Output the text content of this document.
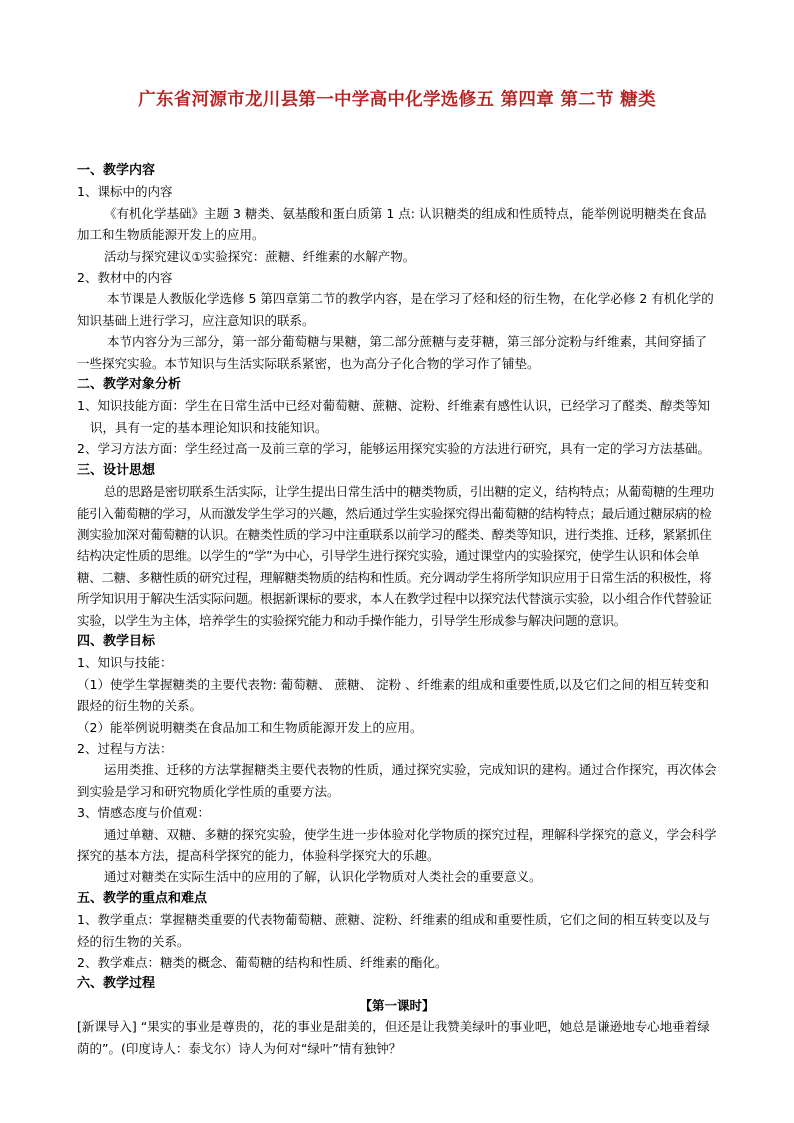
广东省河源市龙川县第一中学高中化学选修五 第四章 第二节 糖类

一、教学内容

1、课标中的内容

《有机化学基础》主题 3 糖类、氨基酸和蛋白质第 1 点: 认识糖类的组成和性质特点，能举例说明糖类在食品加工和生物质能源开发上的应用。

活动与探究建议①实验探究：蔗糖、纤维素的水解产物。

2、教材中的内容

本节课是人教版化学选修 5 第四章第二节的教学内容，是在学习了烃和烃的衍生物，在化学必修 2 有机化学的知识基础上进行学习，应注意知识的联系。

本节内容分为三部分，第一部分葡萄糖与果糖，第二部分蔗糖与麦芽糖，第三部分淀粉与纤维素，其间穿插了一些探究实验。本节知识与生活实际联系紧密，也为高分子化合物的学习作了铺垫。

二、教学对象分析

1、知识技能方面：学生在日常生活中已经对葡萄糖、蔗糖、淀粉、纤维素有感性认识，已经学习了醛类、醇类等知识，具有一定的基本理论知识和技能知识。

2、学习方法方面：学生经过高一及前三章的学习，能够运用探究实验的方法进行研究，具有一定的学习方法基础。

三、设计思想

总的思路是密切联系生活实际，让学生提出日常生活中的糖类物质，引出糖的定义，结构特点；从葡萄糖的生理功能引入葡萄糖的学习，从而激发学生学习的兴趣，然后通过学生实验探究得出葡萄糖的结构特点；最后通过糖尿病的检测实验加深对葡萄糖的认识。在糖类性质的学习中注重联系以前学习的醛类、醇类等知识，进行类推、迁移，紧紧抓住结构决定性质的思维。以学生的“学”为中心，引导学生进行探究实验，通过课堂内的实验探究，使学生认识和体会单糖、二糖、多糖性质的研究过程，理解糖类物质的结构和性质。充分调动学生将所学知识应用于日常生活的积极性，将所学知识用于解决生活实际问题。根据新课标的要求，本人在教学过程中以探究法代替演示实验，以小组合作代替验证实验，以学生为主体，培养学生的实验探究能力和动手操作能力，引导学生形成参与解决问题的意识。

四、教学目标

1、知识与技能：

（1）使学生掌握糖类的主要代表物: 葡萄糖、 蔗糖、 淀粉 、纤维素的组成和重要性质,以及它们之间的相互转变和跟烃的衍生物的关系。

（2）能举例说明糖类在食品加工和生物质能源开发上的应用。

2、过程与方法：

运用类推、迁移的方法掌握糖类主要代表物的性质，通过探究实验，完成知识的建构。通过合作探究，再次体会到实验是学习和研究物质化学性质的重要方法。

3、情感态度与价值观：

通过单糖、双糖、多糖的探究实验，使学生进一步体验对化学物质的探究过程，理解科学探究的意义，学会科学探究的基本方法，提高科学探究的能力，体验科学探究大的乐趣。

通过对糖类在实际生活中的应用的了解，认识化学物质对人类社会的重要意义。

五、教学的重点和难点

1、教学重点：掌握糖类重要的代表物葡萄糖、蔗糖、淀粉、纤维素的组成和重要性质，它们之间的相互转变以及与烃的衍生物的关系。

2、教学难点：糖类的概念、葡萄糖的结构和性质、纤维素的酯化。

六、教学过程

【第一课时】

[新课导入] “果实的事业是尊贵的，花的事业是甜美的，但还是让我赞美绿叶的事业吧，她总是谦逊地专心地垂着绿荫的”。(印度诗人：泰戈尔）诗人为何对“绿叶”情有独钟？
